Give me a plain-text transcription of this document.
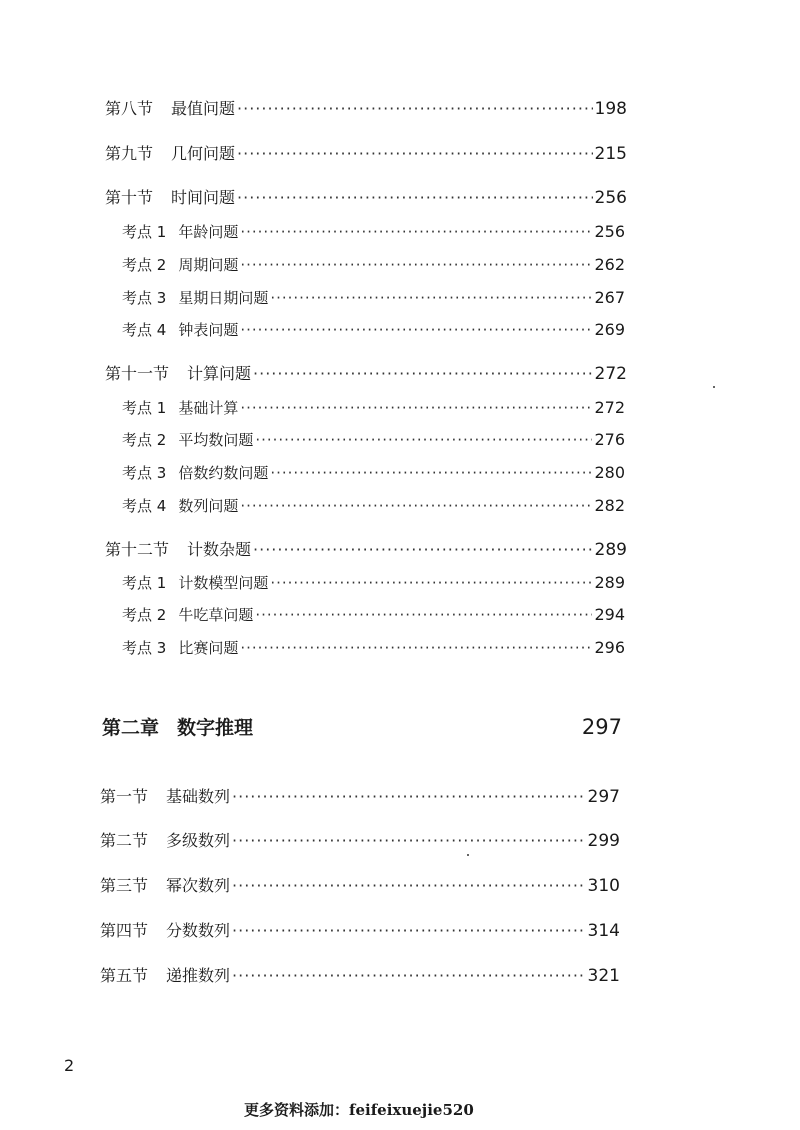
第八节 最值问题 ·····	198
第九节 几何问题 ·····	215
第十节 时间问题 ·····	256
考点 1 年龄问题 ·····	256
考点 2 周期问题 ·····	262
考点 3 星期日期问题 ·····	267
考点 4 钟表问题 ·····	269
第十一节 计算问题 ·····	272
考点 1 基础计算 ·····	272
考点 2 平均数问题 ·····	276
考点 3 倍数约数问题 ·····	280
考点 4 数列问题 ·····	282
第十二节 计数杂题 ·····	289
考点 1 计数模型问题 ·····	289
考点 2 牛吃草问题 ·····	294
考点 3 比赛问题 ·····	296
第二章 数字推理	297
第一节 基础数列 ·····	297
第二节 多级数列 ·····	299
第三节 幂次数列 ·····	310
第四节 分数数列 ·····	314
第五节 递推数列 ·····	321
2
更多资料添加：feifeixuejie520
